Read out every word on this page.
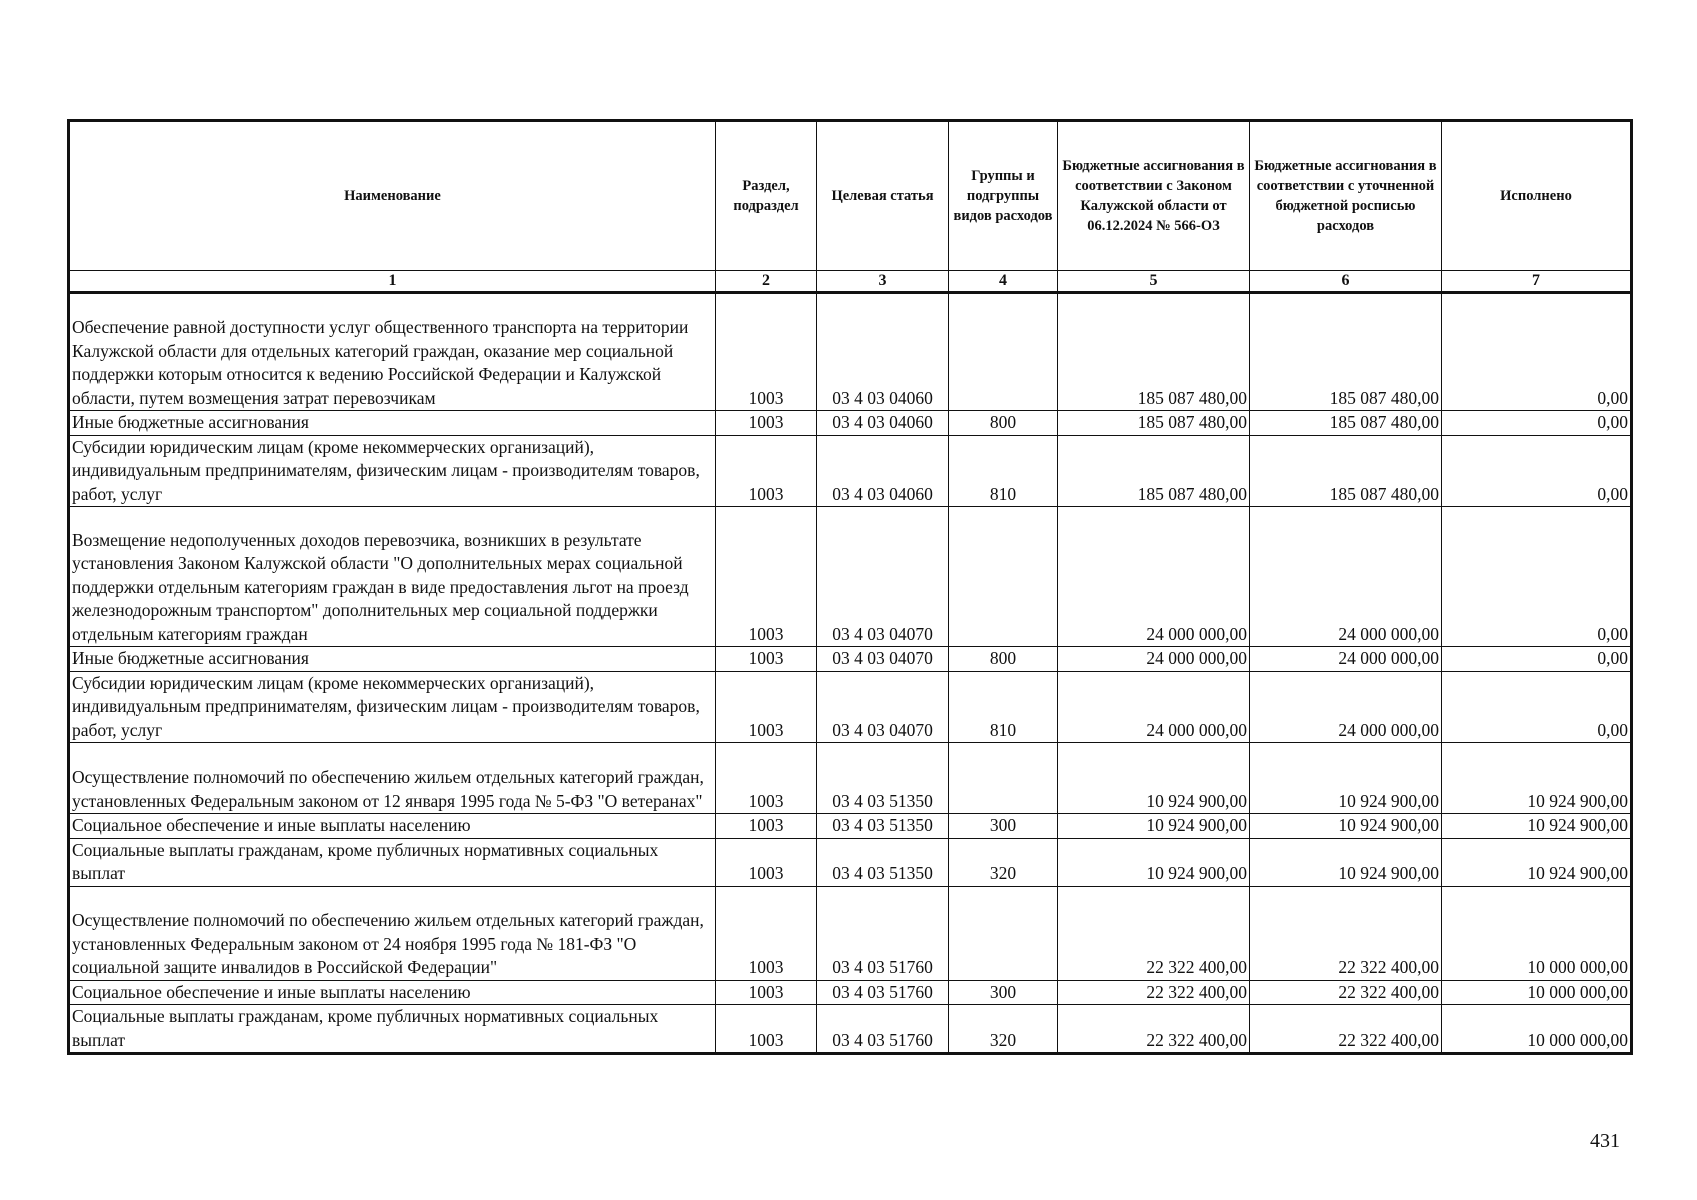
Наименование	Раздел, подраздел	Целевая статья	Группы и подгруппы видов расходов	Бюджетные ассигнования в соответствии с Законом Калужской области от 06.12.2024 № 566-ОЗ	Бюджетные ассигнования в соответствии с уточненной бюджетной росписью расходов	Исполнено
1	2	3	4	5	6	7
Обеспечение равной доступности услуг общественного транспорта на территории Калужской области для отдельных категорий граждан, оказание мер социальной поддержки которым относится к ведению Российской Федерации и Калужской области, путем возмещения затрат перевозчикам	1003	03 4 03 04060		185 087 480,00	185 087 480,00	0,00
Иные бюджетные ассигнования	1003	03 4 03 04060	800	185 087 480,00	185 087 480,00	0,00
Субсидии юридическим лицам (кроме некоммерческих организаций), индивидуальным предпринимателям, физическим лицам - производителям товаров, работ, услуг	1003	03 4 03 04060	810	185 087 480,00	185 087 480,00	0,00
Возмещение недополученных доходов перевозчика, возникших в результате установления Законом Калужской области "О дополнительных мерах социальной поддержки отдельным категориям граждан в виде предоставления льгот на проезд железнодорожным транспортом" дополнительных мер социальной поддержки отдельным категориям граждан	1003	03 4 03 04070		24 000 000,00	24 000 000,00	0,00
Иные бюджетные ассигнования	1003	03 4 03 04070	800	24 000 000,00	24 000 000,00	0,00
Субсидии юридическим лицам (кроме некоммерческих организаций), индивидуальным предпринимателям, физическим лицам - производителям товаров, работ, услуг	1003	03 4 03 04070	810	24 000 000,00	24 000 000,00	0,00
Осуществление полномочий по обеспечению жильем отдельных категорий граждан, установленных Федеральным законом от 12 января 1995 года № 5-ФЗ "О ветеранах"	1003	03 4 03 51350		10 924 900,00	10 924 900,00	10 924 900,00
Социальное обеспечение и иные выплаты населению	1003	03 4 03 51350	300	10 924 900,00	10 924 900,00	10 924 900,00
Социальные выплаты гражданам, кроме публичных нормативных социальных выплат	1003	03 4 03 51350	320	10 924 900,00	10 924 900,00	10 924 900,00
Осуществление полномочий по обеспечению жильем отдельных категорий граждан, установленных Федеральным законом от 24 ноября 1995 года № 181-ФЗ "О социальной защите инвалидов в Российской Федерации"	1003	03 4 03 51760		22 322 400,00	22 322 400,00	10 000 000,00
Социальное обеспечение и иные выплаты населению	1003	03 4 03 51760	300	22 322 400,00	22 322 400,00	10 000 000,00
Социальные выплаты гражданам, кроме публичных нормативных социальных выплат	1003	03 4 03 51760	320	22 322 400,00	22 322 400,00	10 000 000,00
431
